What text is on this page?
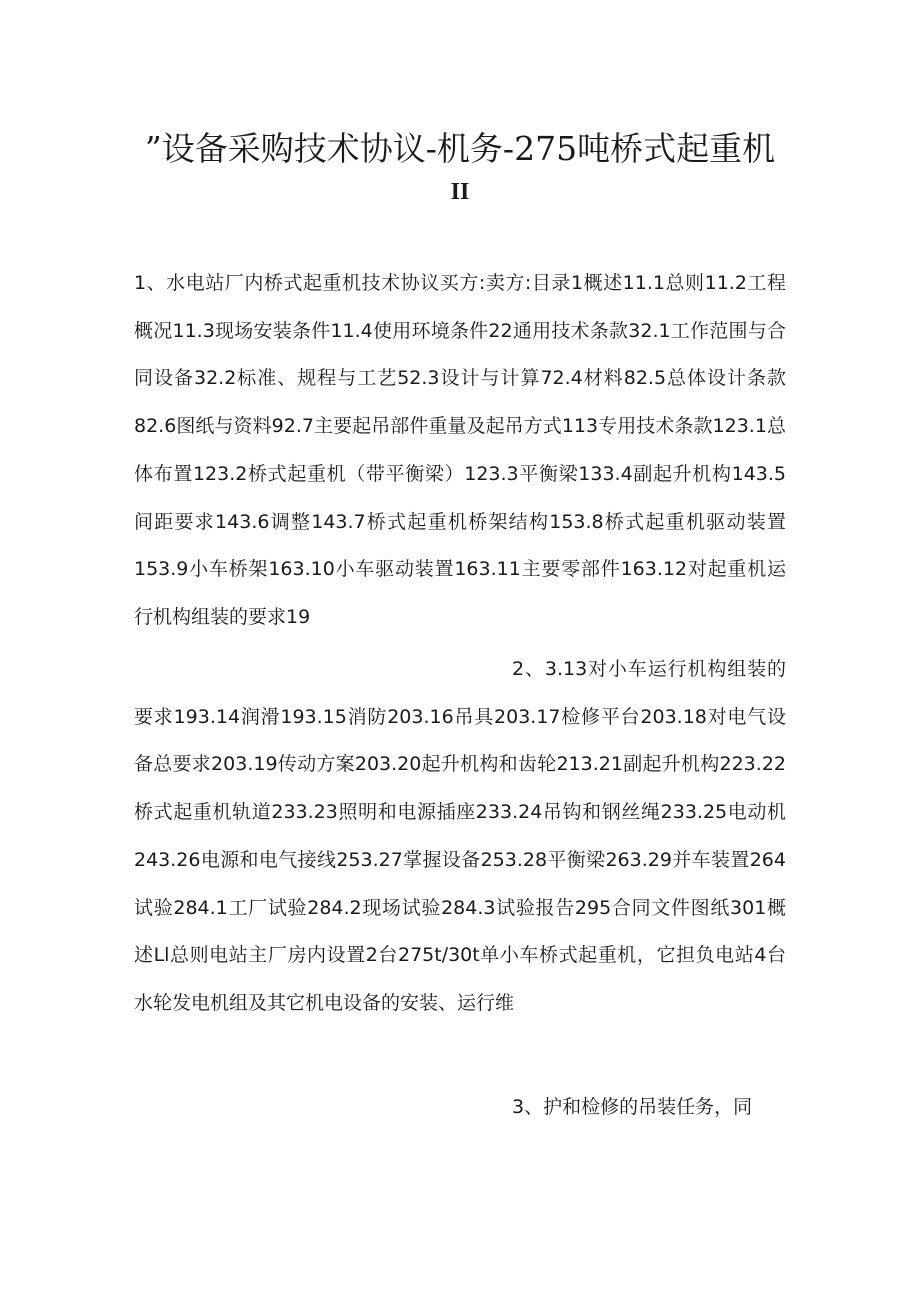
”设备采购技术协议-机务-275吨桥式起重机
II
1、水电站厂内桥式起重机技术协议买方:卖方:目录1概述11.1总则11.2工程概况11.3现场安装条件11.4使用环境条件22通用技术条款32.1工作范围与合同设备32.2标准、规程与工艺52.3设计与计算72.4材料82.5总体设计条款82.6图纸与资料92.7主要起吊部件重量及起吊方式113专用技术条款123.1总体布置123.2桥式起重机（带平衡梁）123.3平衡梁133.4副起升机构143.5间距要求143.6调整143.7桥式起重机桥架结构153.8桥式起重机驱动装置153.9小车桥架163.10小车驱动装置163.11主要零部件163.12对起重机运行机构组装的要求19
2、3.13对小车运行机构组装的要求193.14润滑193.15消防203.16吊具203.17检修平台203.18对电气设备总要求203.19传动方案203.20起升机构和齿轮213.21副起升机构223.22桥式起重机轨道233.23照明和电源插座233.24吊钩和钢丝绳233.25电动机243.26电源和电气接线253.27掌握设备253.28平衡梁263.29并车装置264试验284.1工厂试验284.2现场试验284.3试验报告295合同文件图纸301概述Ll总则电站主厂房内设置2台275t∕30t单小车桥式起重机，它担负电站4台水轮发电机组及其它机电设备的安装、运行维
3、护和检修的吊装任务，同
